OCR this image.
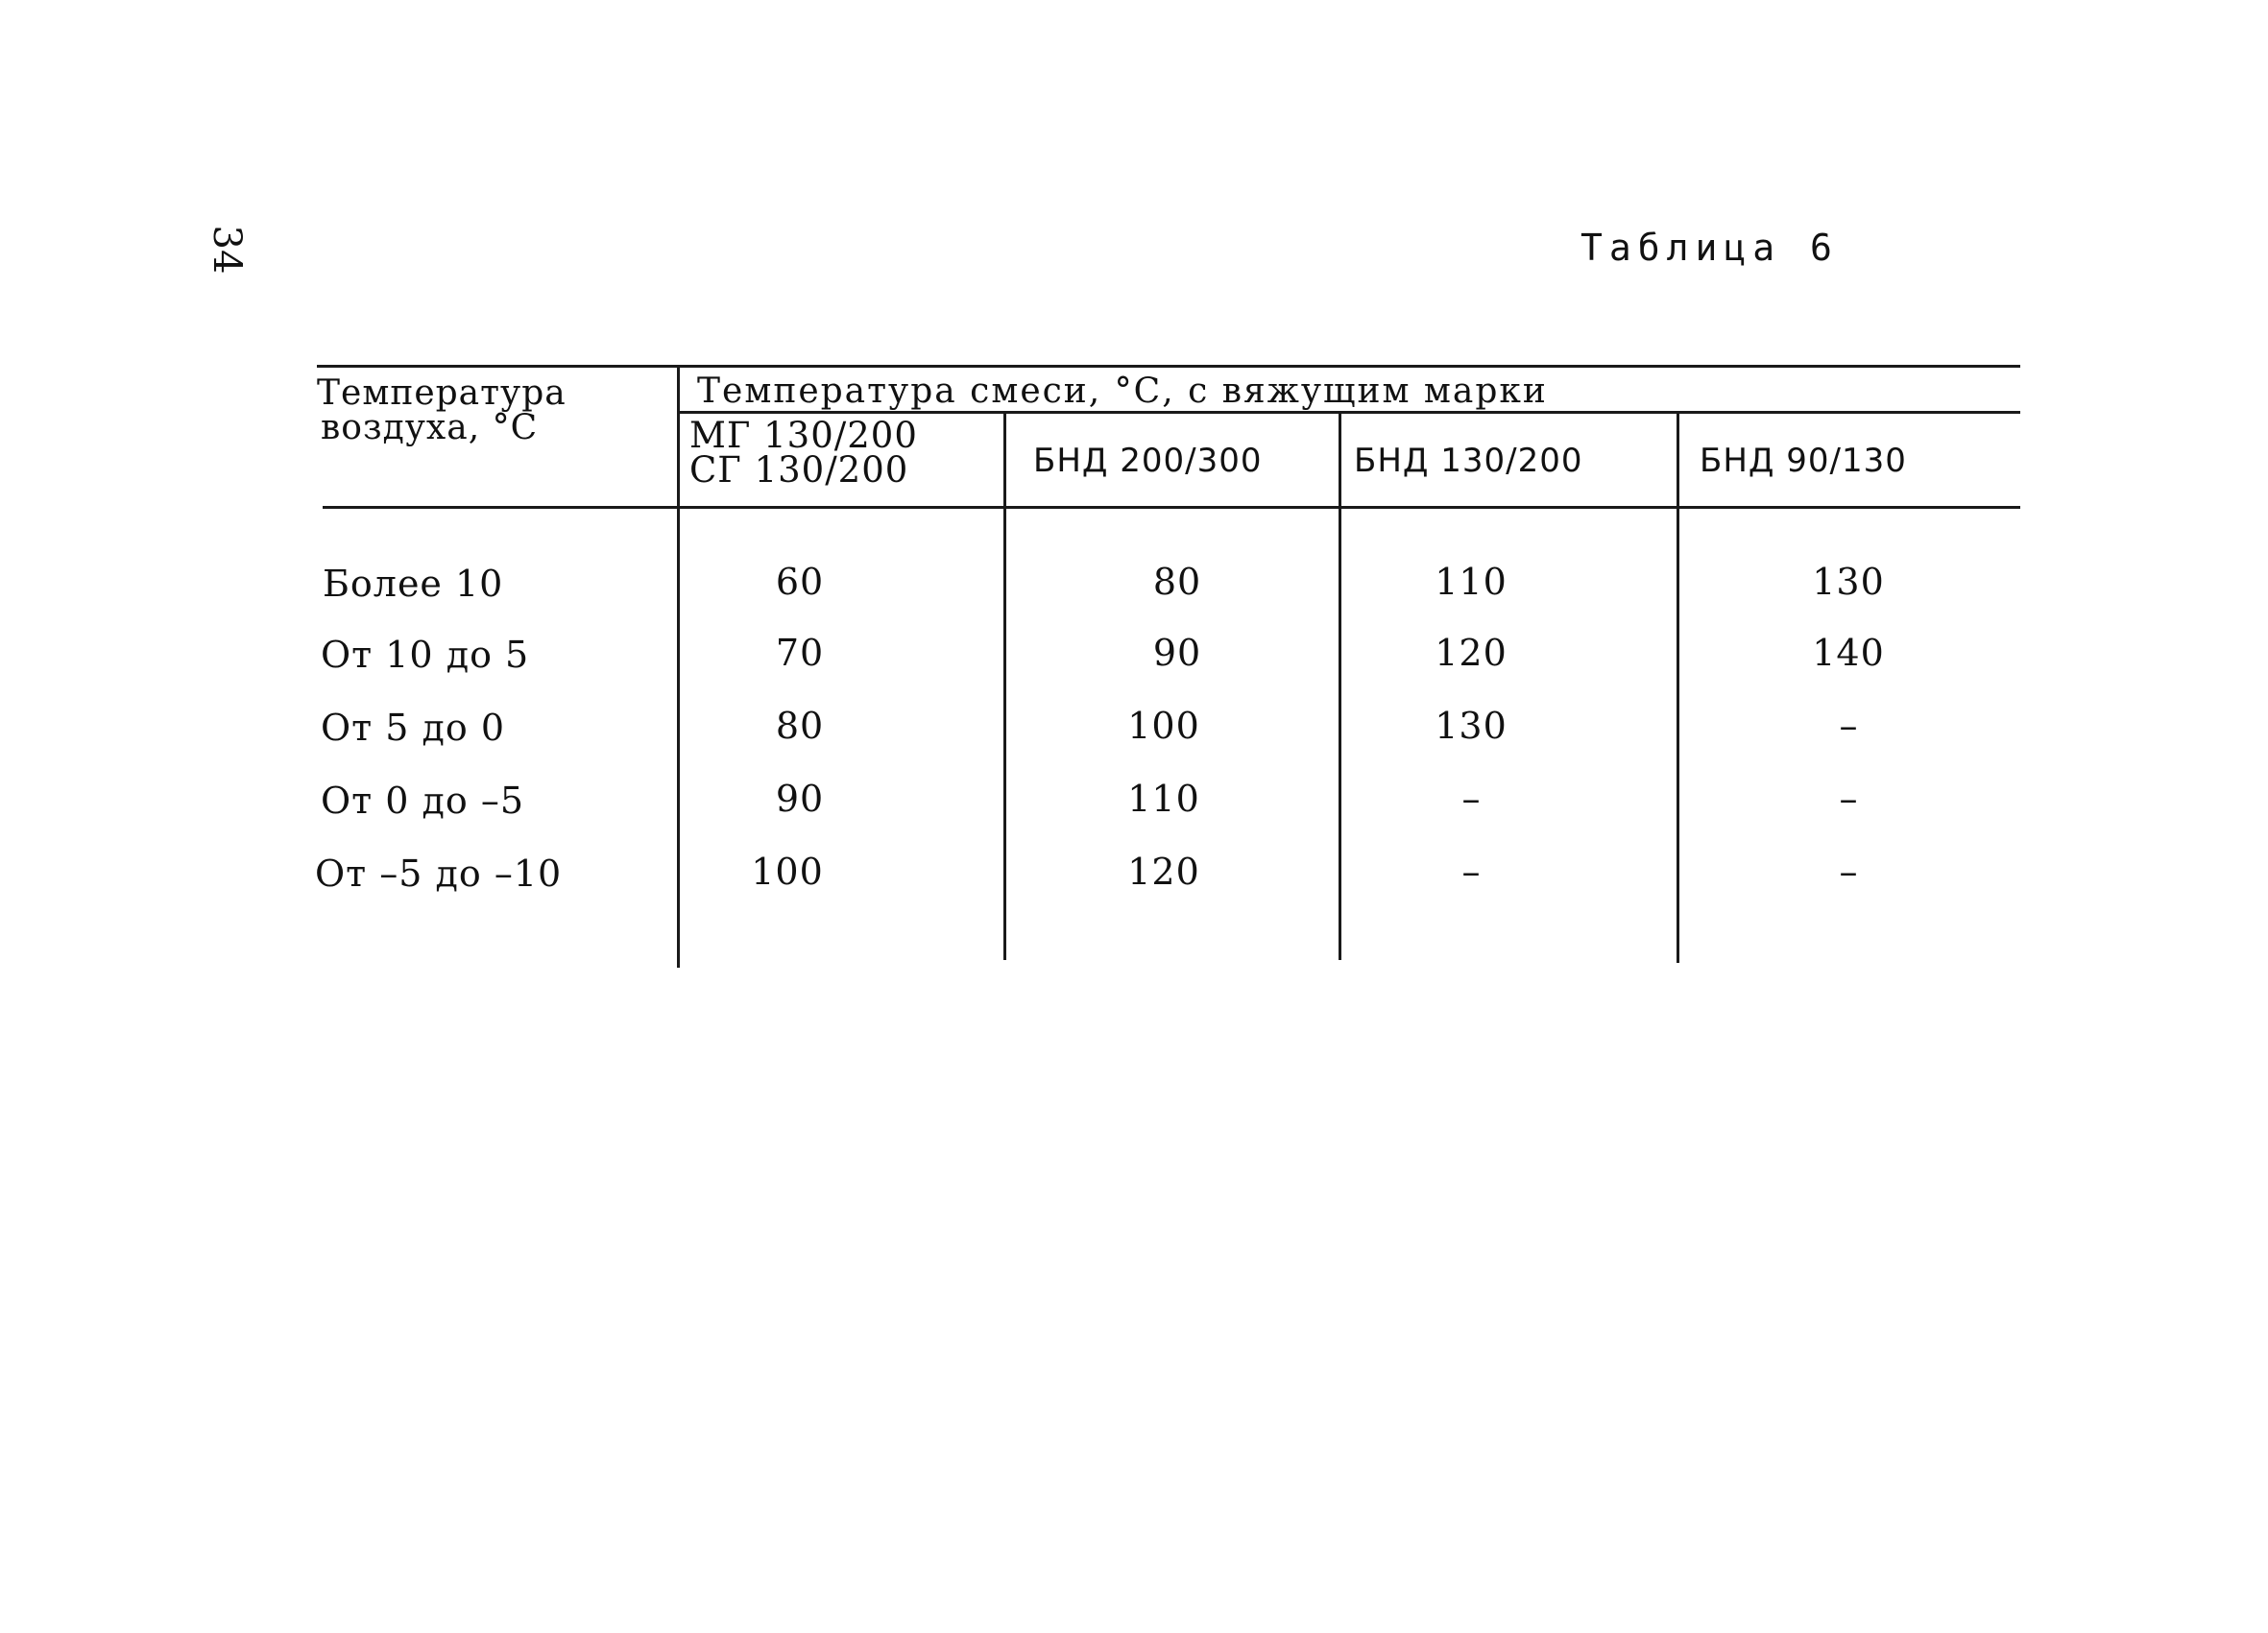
34	Таблица 6
Температура
воздуха, °С
Температура смеси, °С, с вяжущим марки
МГ 130/200
СГ 130/200	БНД 200/300	БНД 130/200	БНД 90/130
Более 10	60	80	110	130
От 10 до 5	70	90	120	140
От 5 до 0	80	100	130	–
От 0 до –5	90	110	–	–
От –5 до –10	100	120	–	–
